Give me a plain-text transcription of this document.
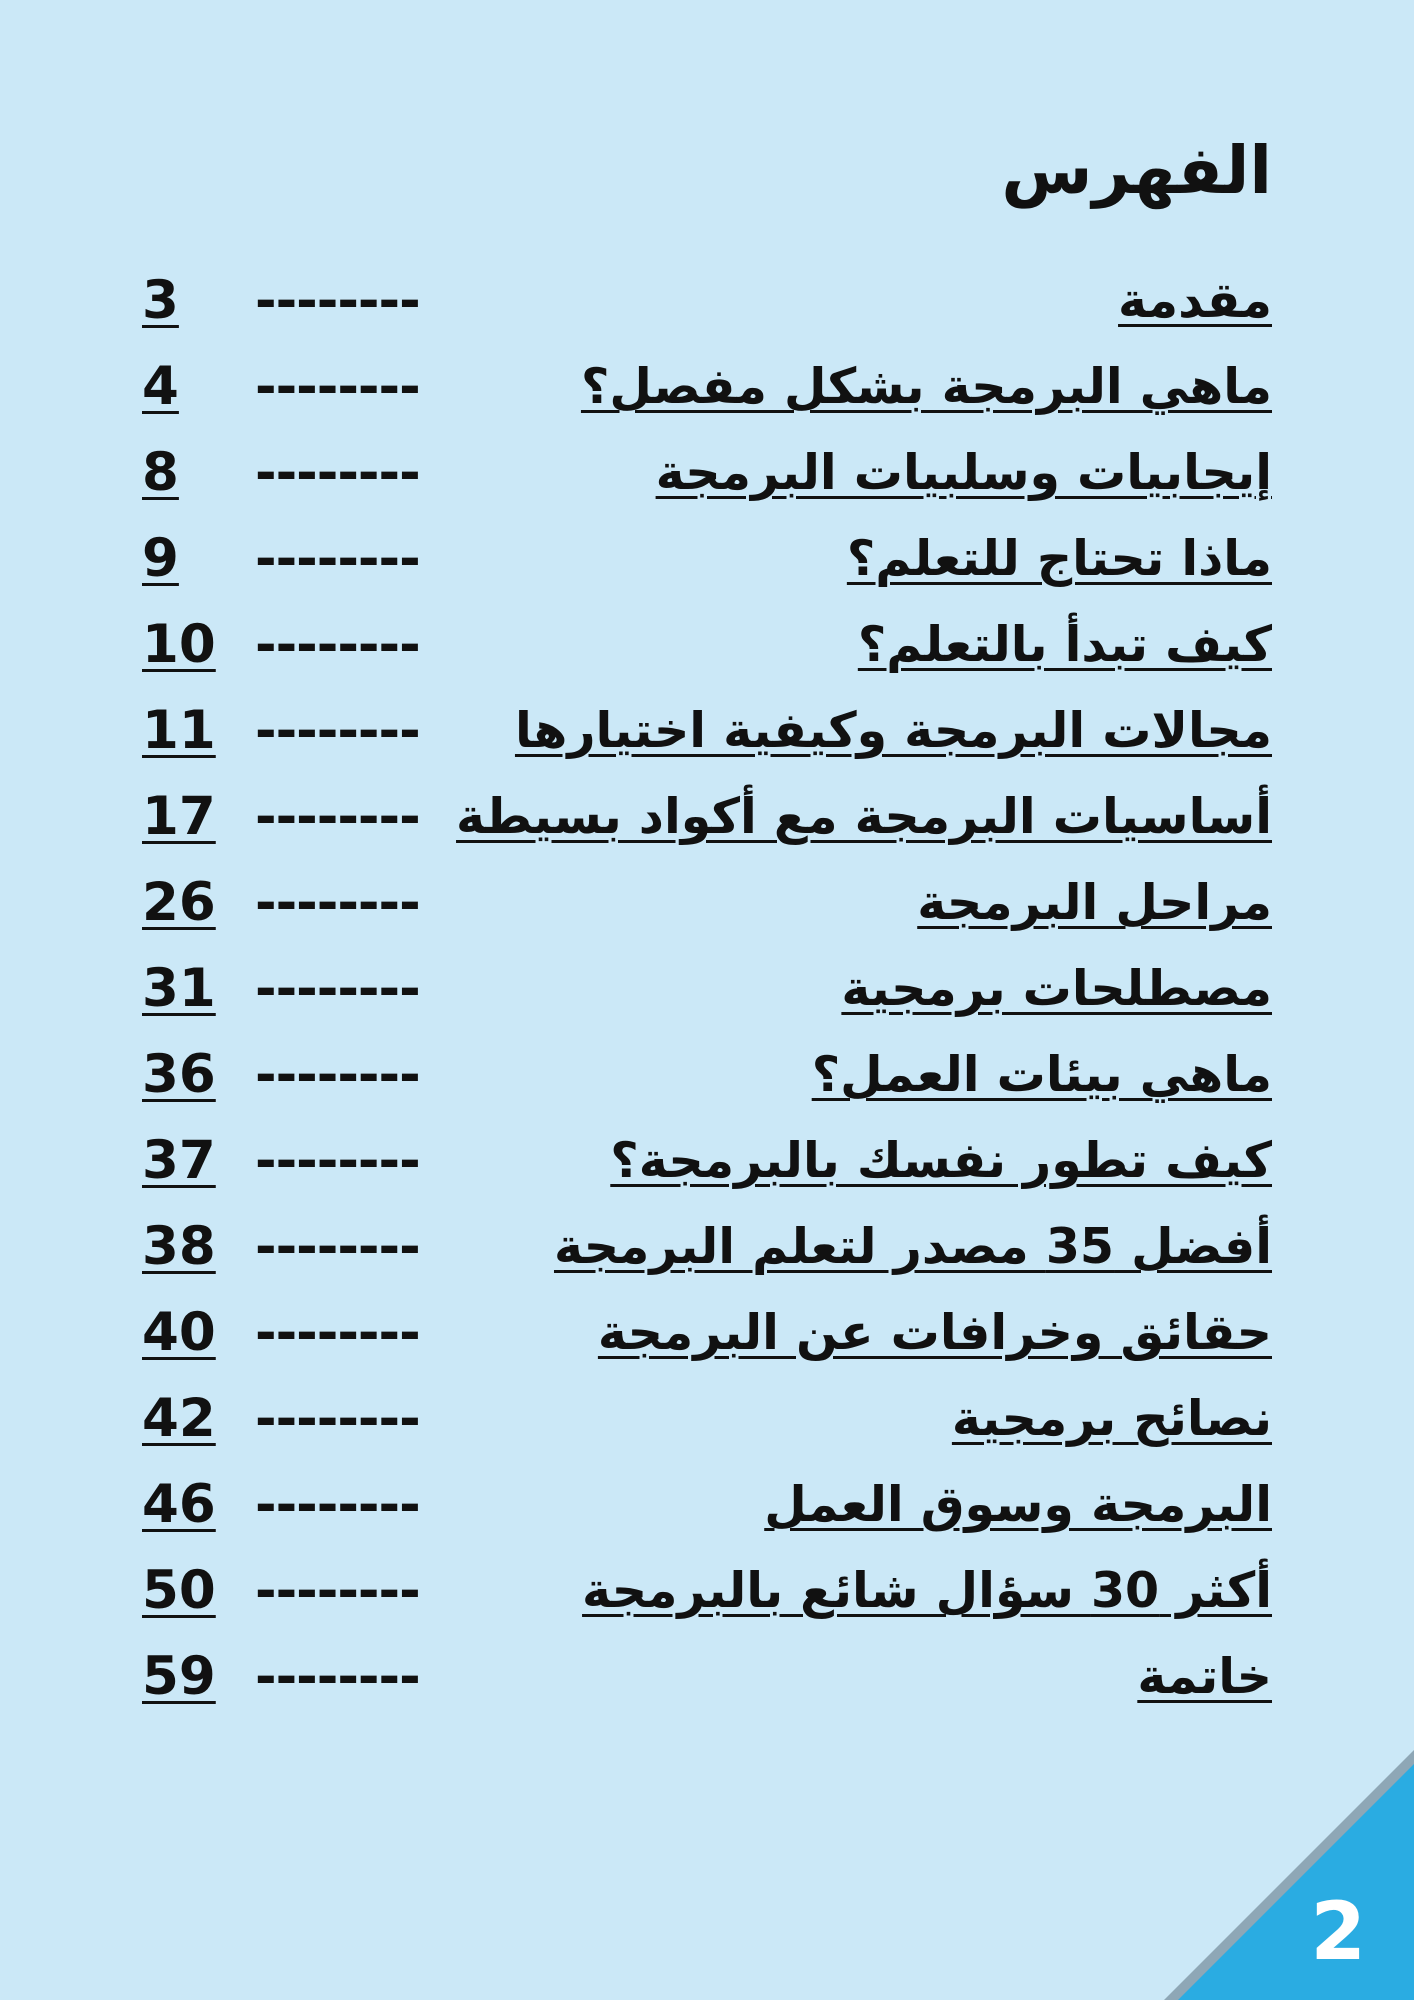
الفهرس
مقدمة
--------
3
ماهي البرمجة بشكل مفصل؟
--------
4
إيجابيات وسلبيات البرمجة
--------
8
ماذا تحتاج للتعلم؟
--------
9
كيف تبدأ بالتعلم؟
--------
10
مجالات البرمجة وكيفية اختيارها
--------
11
أساسيات البرمجة مع أكواد بسيطة
--------
17
مراحل البرمجة
--------
26
مصطلحات برمجية
--------
31
ماهي بيئات العمل؟
--------
36
كيف تطور نفسك بالبرمجة؟
--------
37
أفضل 35 مصدر لتعلم البرمجة
--------
38
حقائق وخرافات عن البرمجة
--------
40
نصائح برمجية
--------
42
البرمجة وسوق العمل
--------
46
أكثر 30 سؤال شائع بالبرمجة
--------
50
خاتمة
--------
59
2
